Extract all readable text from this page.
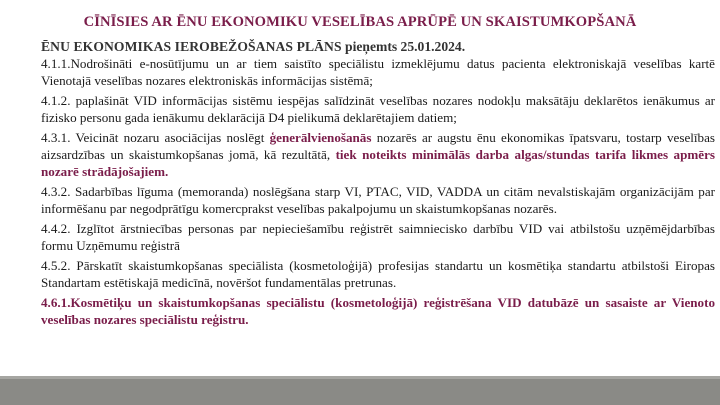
CĪNĪSIES AR ĒNU EKONOMIKU VESELĪBAS APRŪPĒ UN SKAISTUMKOPŠANĀ
ĒNU EKONOMIKAS IEROBEŽOŠANAS PLĀNS pieņemts 25.01.2024.

4.1.1.Nodrošināti e-nosūtījumu un ar tiem saistīto speciālistu izmeklējumu datus pacienta elektroniskajā veselības kartē Vienotajā veselības nozares elektroniskās informācijas sistēmā;

4.1.2. paplašināt VID informācijas sistēmu iespējas salīdzināt veselības nozares nodokļu maksātāju deklarētos ienākumus ar fizisko personu gada ienākumu deklarācijā D4 pielikumā deklarētajiem datiem;

4.3.1. Veicināt nozaru asociācijas noslēgt ģenerālvienošanās nozarēs ar augstu ēnu ekonomikas īpatsvaru, tostarp veselības aizsardzības un skaistumkopšanas jomā, kā rezultātā, tiek noteikts minimālās darba algas/stundas tarifa likmes apmērs nozarē strādājošajiem.

4.3.2. Sadarbības līguma (memoranda) noslēgšana starp VI, PTAC, VID, VADDA un citām nevalstiskajām organizācijām par informēšanu par negodprātīgu komercprakst veselības pakalpojumu un skaistumkopšanas nozarēs.

4.4.2. Izglītot ārstniecības personas par nepieciešamību reģistrēt saimniecisko darbību VID vai atbilstošu uzņēmējdarbības formu Uzņēmumu reģistrā

4.5.2. Pārskatīt skaistumkopšanas speciālista (kosmetoloģijā) profesijas standartu un kosmētiķa standartu atbilstoši Eiropas Standartam estētiskajā medicīnā, novēršot fundamentālas pretrunas.

4.6.1.Kosmētiķu un skaistumkopšanas speciālistu (kosmetoloģijā) reģistrēšana VID datubāzē un sasaiste ar Vienoto veselības nozares speciālistu reģistru.
